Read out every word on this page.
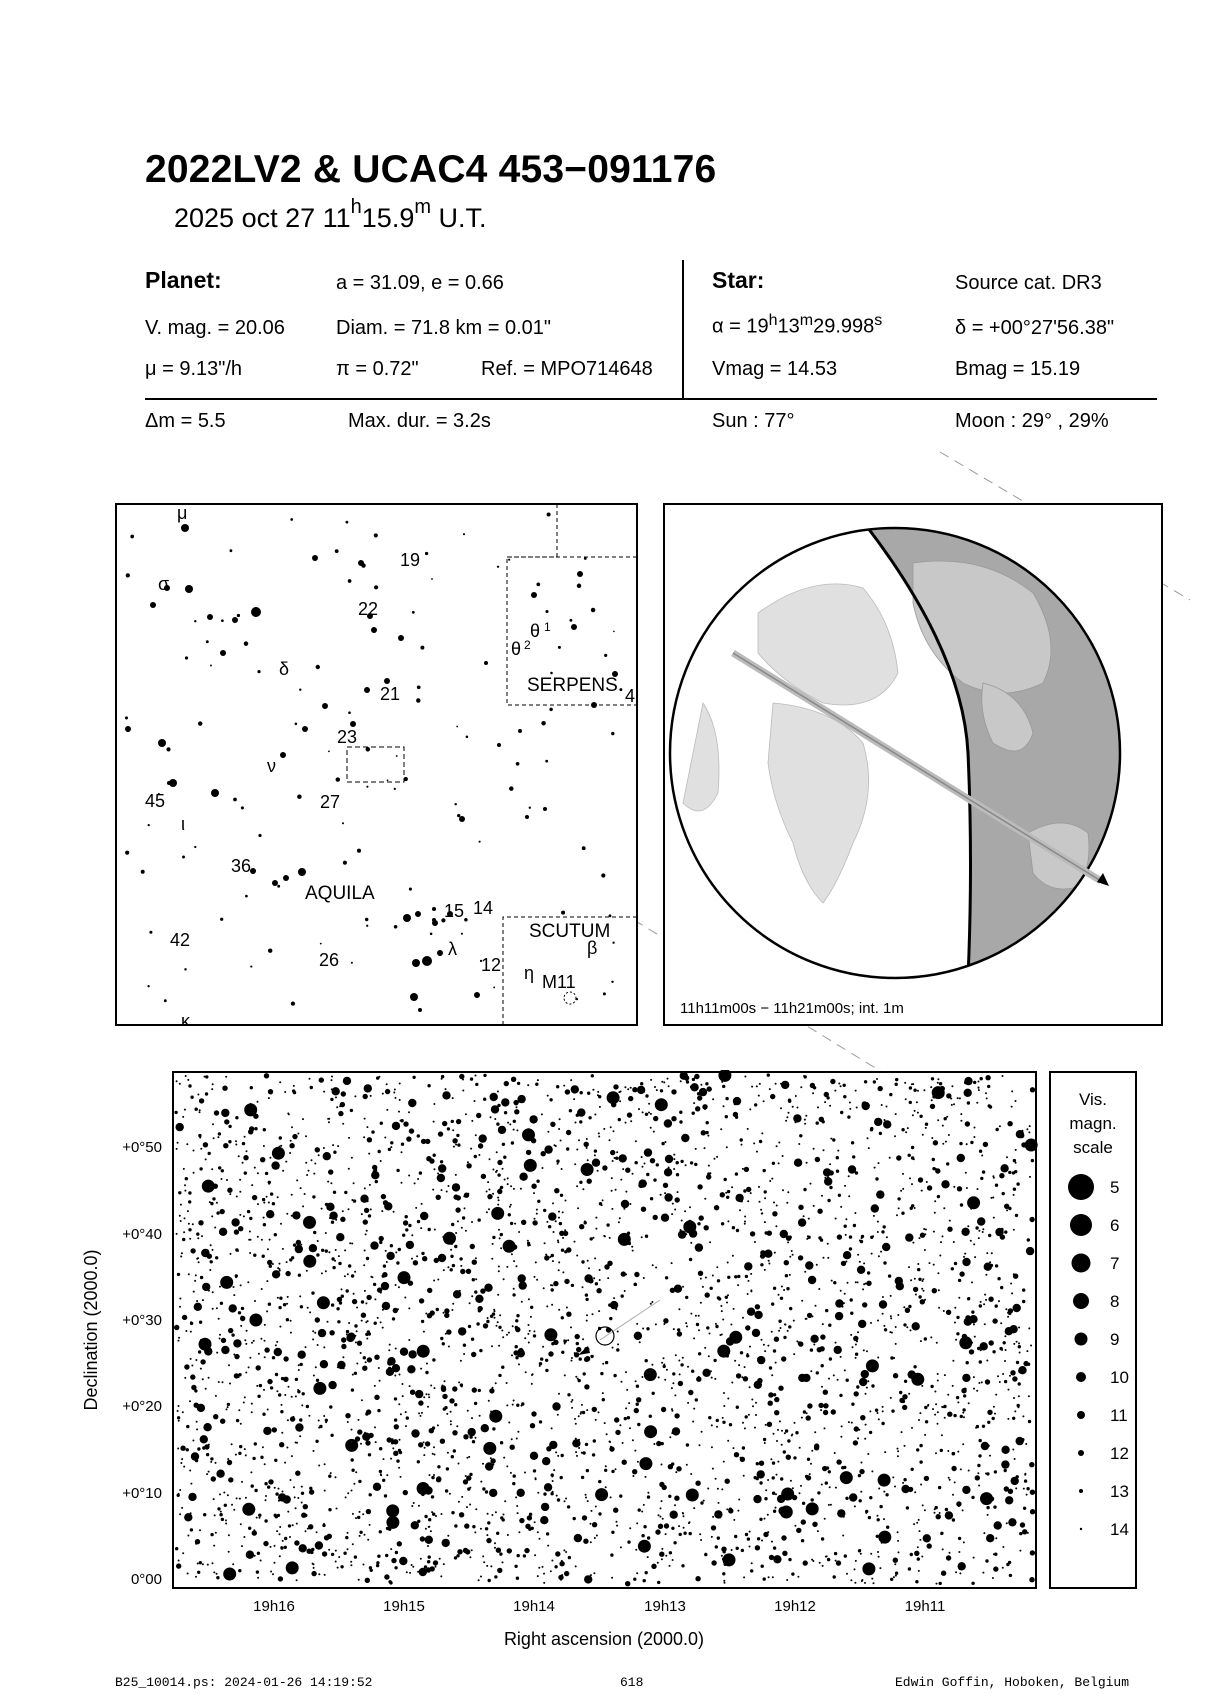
2022LV2 & UCAC4 453−091176
2025 oct 27 11$^h$15.9$^m$ U.T.
Planet:	a = 31.09, e = 0.66
V. mag. = 20.06	Diam. = 71.8 km = 0.01"
μ = 9.13"/h	π = 0.72"	Ref. = MPO714648
Star:	Source cat. DR3
$\alpha = 19^h13^m29.998^s$	δ = +00°27'56.38"
Vmag = 14.53	Bmag = 15.19
Δm = 5.5	Max. dur. = 3.2s	Sun : 77°	Moon : 29° , 29%
AQUILA
SERPENS
SCUTUM
μ
σ
δ
ν
ι
κ
λ
η
β
θ 1
θ 2
19
22
21
23
27
45
36
42
26
15 14
12
M11
4
11h11m00s − 11h21m00s; int. 1m
+0°50
+0°40
+0°30
+0°20
+0°10
0°00
19h16	19h15	19h14	19h13	19h12	19h11
Right ascension (2000.0)
Declination (2000.0)
Vis.
magn.
scale
5
6
7
8
9
10
11
12
13
14
B25_10014.ps: 2024-01-26 14:19:52	618	Edwin Goffin, Hoboken, Belgium
